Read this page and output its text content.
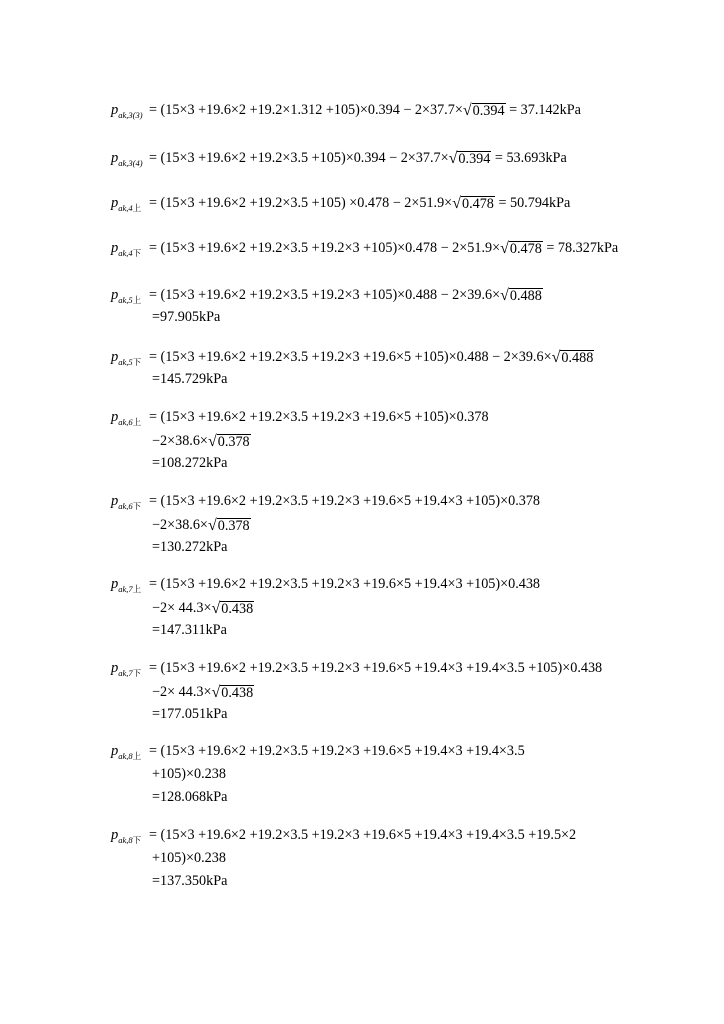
$p_{ak,3(3)} = (15\times 3 +19.6\times 2 +19.2\times 1.312 +105)\times 0.394 - 2\times 37.7\times√0.394 = 37.142kPa$
$p_{ak,3(4)} = (15\times 3 +19.6\times 2 +19.2\times 3.5 +105)\times 0.394 - 2\times 37.7\times√0.394 = 53.693kPa$
$p_{ak,4上} = (15\times 3 +19.6\times 2 +19.2\times 3.5 +105) \times 0.478 - 2\times 51.9\times√0.478 = 50.794kPa$
$p_{ak,4下} = (15\times 3 +19.6\times 2 +19.2\times 3.5 +19.2\times 3 +105)\times 0.478 - 2\times 51.9\times√0.478 = 78.327kPa$
$p_{ak,5上} = (15\times 3 +19.6\times 2 +19.2\times 3.5 +19.2\times 3 +105)\times 0.488 - 2\times 39.6\times√0.488$
=97.905kPa
$p_{ak,5下} = (15\times 3 +19.6\times 2 +19.2\times 3.5 +19.2\times 3 +19.6\times 5 +105)\times 0.488 - 2\times 39.6\times√0.488$
=145.729kPa
$p_{ak,6上} = (15\times 3 +19.6\times 2 +19.2\times 3.5 +19.2\times 3 +19.6\times 5 +105)\times 0.378$
−2×38.6×√0.378
=108.272kPa
$p_{ak,6下} = (15\times 3 +19.6\times 2 +19.2\times 3.5 +19.2\times 3 +19.6\times 5 +19.4\times 3 +105)\times 0.378$
−2×38.6×√0.378
=130.272kPa
$p_{ak,7上} = (15\times 3 +19.6\times 2 +19.2\times 3.5 +19.2\times 3 +19.6\times 5 +19.4\times 3 +105)\times 0.438$
−2× 44.3×√0.438
=147.311kPa
$p_{ak,7下} = (15\times 3 +19.6\times 2 +19.2\times 3.5 +19.2\times 3 +19.6\times 5 +19.4\times 3 +19.4\times 3.5 +105)\times 0.438$
−2× 44.3×√0.438
=177.051kPa
$p_{ak,8上} = (15\times 3 +19.6\times 2 +19.2\times 3.5 +19.2\times 3 +19.6\times 5 +19.4\times 3 +19.4\times 3.5$
+105)×0.238
=128.068kPa
$p_{ak,8下} = (15\times 3 +19.6\times 2 +19.2\times 3.5 +19.2\times 3 +19.6\times 5 +19.4\times 3 +19.4\times 3.5 +19.5\times 2$
+105)×0.238
=137.350kPa
